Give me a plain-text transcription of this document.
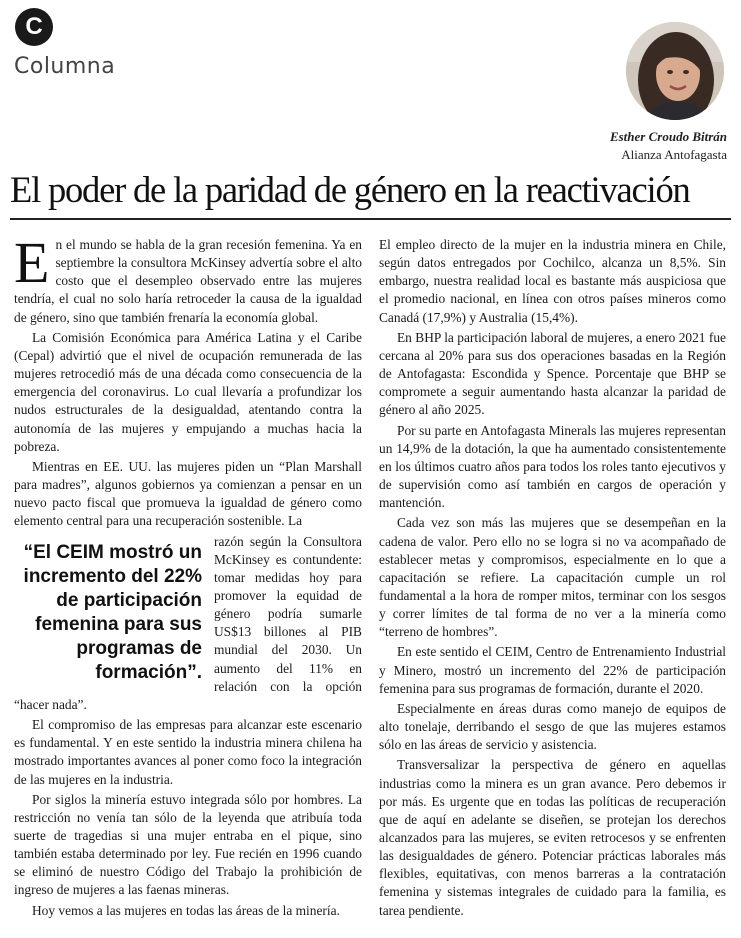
C
Columna
Esther Croudo Bitrán
Alianza Antofagasta
El poder de la paridad de género en la reactivación

En el mundo se habla de la gran recesión femenina. Ya en septiembre la consultora McKinsey advertía sobre el alto costo que el desempleo observado entre las mujeres tendría, el cual no solo haría retroceder la causa de la igualdad de género, sino que también frenaría la economía global.

La Comisión Económica para América Latina y el Caribe (Cepal) advirtió que el nivel de ocupación remunerada de las mujeres retrocedió más de una década como consecuencia de la emergencia del coronavirus. Lo cual llevaría a profundizar los nudos estructurales de la desigualdad, atentando contra la autonomía de las mujeres y empujando a muchas hacia la pobreza.

Mientras en EE. UU. las mujeres piden un “Plan Marshall para madres”, algunos gobiernos ya comienzan a pensar en un nuevo pacto fiscal que promueva la igualdad de género como elemento central para una recuperación sostenible. La

“El CEIM mostró un incremento del 22% de participación femenina para sus programas de formación”.

razón según la Consultora McKinsey es contundente: tomar medidas hoy para promover la equidad de género podría sumarle US$13 billones al PIB mundial del 2030. Un aumento del 11% en relación con la opción “hacer nada”.

El compromiso de las empresas para alcanzar este escenario es fundamental. Y en este sentido la industria minera chilena ha mostrado importantes avances al poner como foco la integración de las mujeres en la industria.

Por siglos la minería estuvo integrada sólo por hombres. La restricción no venía tan sólo de la leyenda que atribuía toda suerte de tragedias si una mujer entraba en el pique, sino también estaba determinado por ley. Fue recién en 1996 cuando se eliminó de nuestro Código del Trabajo la prohibición de ingreso de mujeres a las faenas mineras.

Hoy vemos a las mujeres en todas las áreas de la minería.

El empleo directo de la mujer en la industria minera en Chile, según datos entregados por Cochilco, alcanza un 8,5%. Sin embargo, nuestra realidad local es bastante más auspiciosa que el promedio nacional, en línea con otros países mineros como Canadá (17,9%) y Australia (15,4%).

En BHP la participación laboral de mujeres, a enero 2021 fue cercana al 20% para sus dos operaciones basadas en la Región de Antofagasta: Escondida y Spence. Porcentaje que BHP se compromete a seguir aumentando hasta alcanzar la paridad de género al año 2025.

Por su parte en Antofagasta Minerals las mujeres representan un 14,9% de la dotación, la que ha aumentado consistentemente en los últimos cuatro años para todos los roles tanto ejecutivos y de supervisión como así también en cargos de operación y mantención.

Cada vez son más las mujeres que se desempeñan en la cadena de valor. Pero ello no se logra si no va acompañado de establecer metas y compromisos, especialmente en lo que a capacitación se refiere. La capacitación cumple un rol fundamental a la hora de romper mitos, terminar con los sesgos y correr límites de tal forma de no ver a la minería como “terreno de hombres”.

En este sentido el CEIM, Centro de Entrenamiento Industrial y Minero, mostró un incremento del 22% de participación femenina para sus programas de formación, durante el 2020.

Especialmente en áreas duras como manejo de equipos de alto tonelaje, derribando el sesgo de que las mujeres estamos sólo en las áreas de servicio y asistencia.

Transversalizar la perspectiva de género en aquellas industrias como la minera es un gran avance. Pero debemos ir por más. Es urgente que en todas las políticas de recuperación que de aquí en adelante se diseñen, se protejan los derechos alcanzados para las mujeres, se eviten retrocesos y se enfrenten las desigualdades de género. Potenciar prácticas laborales más flexibles, equitativas, con menos barreras a la contratación femenina y sistemas integrales de cuidado para la familia, es tarea pendiente.
